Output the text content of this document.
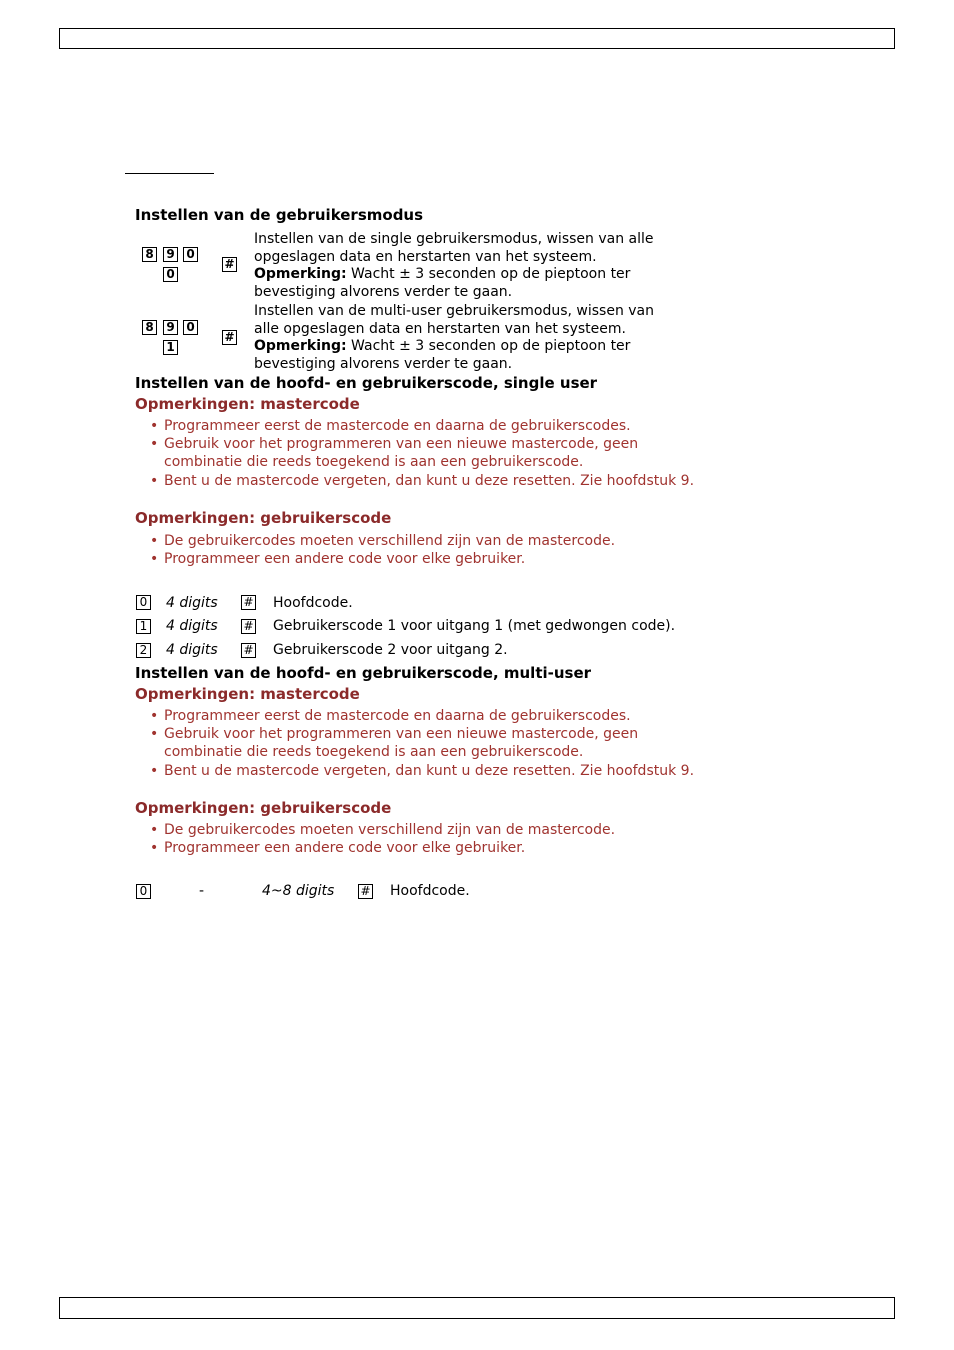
Instellen van de gebruikersmodus
8 9 0
0
#
Instellen van de single gebruikersmodus, wissen van alle opgeslagen data en herstarten van het systeem.
Opmerking: Wacht ± 3 seconden op de pieptoon ter bevestiging alvorens verder te gaan.
8 9 0
1
#
Instellen van de multi-user gebruikersmodus, wissen van alle opgeslagen data en herstarten van het systeem.
Opmerking: Wacht ± 3 seconden op de pieptoon ter bevestiging alvorens verder te gaan.
Instellen van de hoofd- en gebruikerscode, single user
Opmerkingen: mastercode
• Programmeer eerst de mastercode en daarna de gebruikerscodes.
• Gebruik voor het programmeren van een nieuwe mastercode, geen combinatie die reeds toegekend is aan een gebruikerscode.
• Bent u de mastercode vergeten, dan kunt u deze resetten. Zie hoofdstuk 9.
Opmerkingen: gebruikerscode
• De gebruikercodes moeten verschillend zijn van de mastercode.
• Programmeer een andere code voor elke gebruiker.
0 4 digits # Hoofdcode.
1 4 digits # Gebruikerscode 1 voor uitgang 1 (met gedwongen code).
2 4 digits # Gebruikerscode 2 voor uitgang 2.
Instellen van de hoofd- en gebruikerscode, multi-user
Opmerkingen: mastercode
• Programmeer eerst de mastercode en daarna de gebruikerscodes.
• Gebruik voor het programmeren van een nieuwe mastercode, geen combinatie die reeds toegekend is aan een gebruikerscode.
• Bent u de mastercode vergeten, dan kunt u deze resetten. Zie hoofdstuk 9.
Opmerkingen: gebruikerscode
• De gebruikercodes moeten verschillend zijn van de mastercode.
• Programmeer een andere code voor elke gebruiker.
0	-	4~8 digits # Hoofdcode.
